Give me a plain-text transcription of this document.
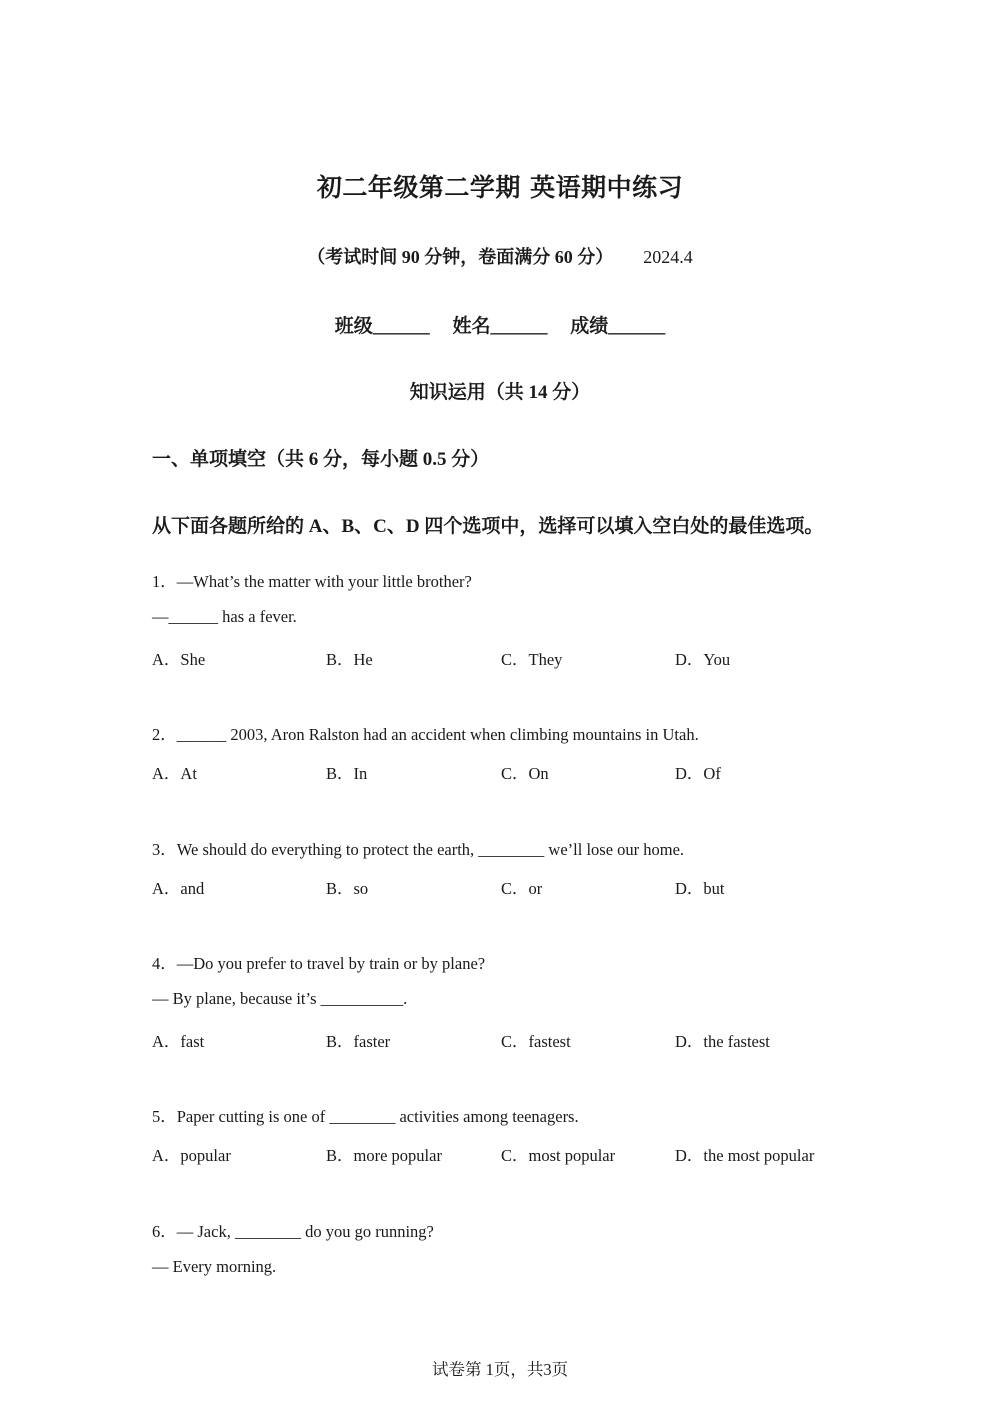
初二年级第二学期 英语期中练习
（考试时间 90 分钟，卷面满分 60 分） 2024.4
班级______ 姓名______ 成绩______
知识运用（共 14 分）
一、单项填空（共 6 分，每小题 0.5 分）
从下面各题所给的 A、B、C、D 四个选项中，选择可以填入空白处的最佳选项。
1．—What’s the matter with your little brother?
—______ has a fever.
A．She	B．He	C．They	D．You
2．______ 2003, Aron Ralston had an accident when climbing mountains in Utah.
A．At	B．In	C．On	D．Of
3．We should do everything to protect the earth, ________ we’ll lose our home.
A．and	B．so	C．or	D．but
4．—Do you prefer to travel by train or by plane?
— By plane, because it’s __________.
A．fast	B．faster	C．fastest	D．the fastest
5．Paper cutting is one of ________ activities among teenagers.
A．popular	B．more popular	C．most popular	D．the most popular
6．— Jack, ________ do you go running?
— Every morning.
试卷第 1页，共3页
